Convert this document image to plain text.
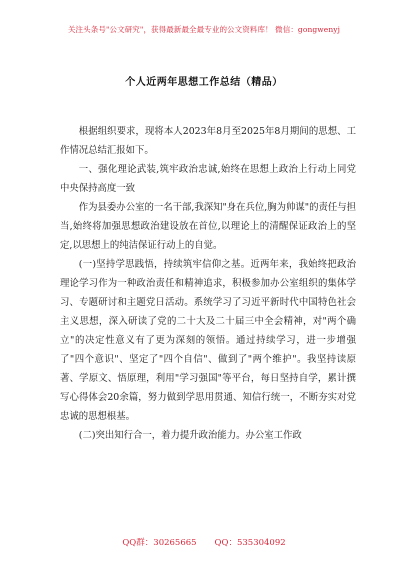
关注头条号"公文研究"，获得最新最全最专业的公文资料库！ 微信：gongwenyj
个人近两年思想工作总结（精品）

根据组织要求，现将本人2023年8月至2025年8月期间的思想、工作情况总结汇报如下。

一、强化理论武装,筑牢政治忠诚,始终在思想上政治上行动上同党中央保持高度一致

作为县委办公室的一名干部,我深知"身在兵位,胸为帅谋"的责任与担当,始终将加强思想政治建设放在首位,以理论上的清醒保证政治上的坚定,以思想上的纯洁保证行动上的自觉。

(一)坚持学思践悟，持续筑牢信仰之基。近两年来，我始终把政治理论学习作为一种政治责任和精神追求，积极参加办公室组织的集体学习、专题研讨和主题党日活动。系统学习了习近平新时代中国特色社会主义思想，深入研读了党的二十大及二十届三中全会精神，对"两个确立"的决定性意义有了更为深刻的领悟。通过持续学习，进一步增强了"四个意识"、坚定了"四个自信"、做到了"两个维护"。我坚持读原著、学原文、悟原理，利用"学习强国"等平台，每日坚持自学，累计撰写心得体会20余篇，努力做到学思用贯通、知信行统一，不断夯实对党忠诚的思想根基。

(二)突出知行合一，着力提升政治能力。办公室工作政

QQ群：30265665 QQ：535304092
